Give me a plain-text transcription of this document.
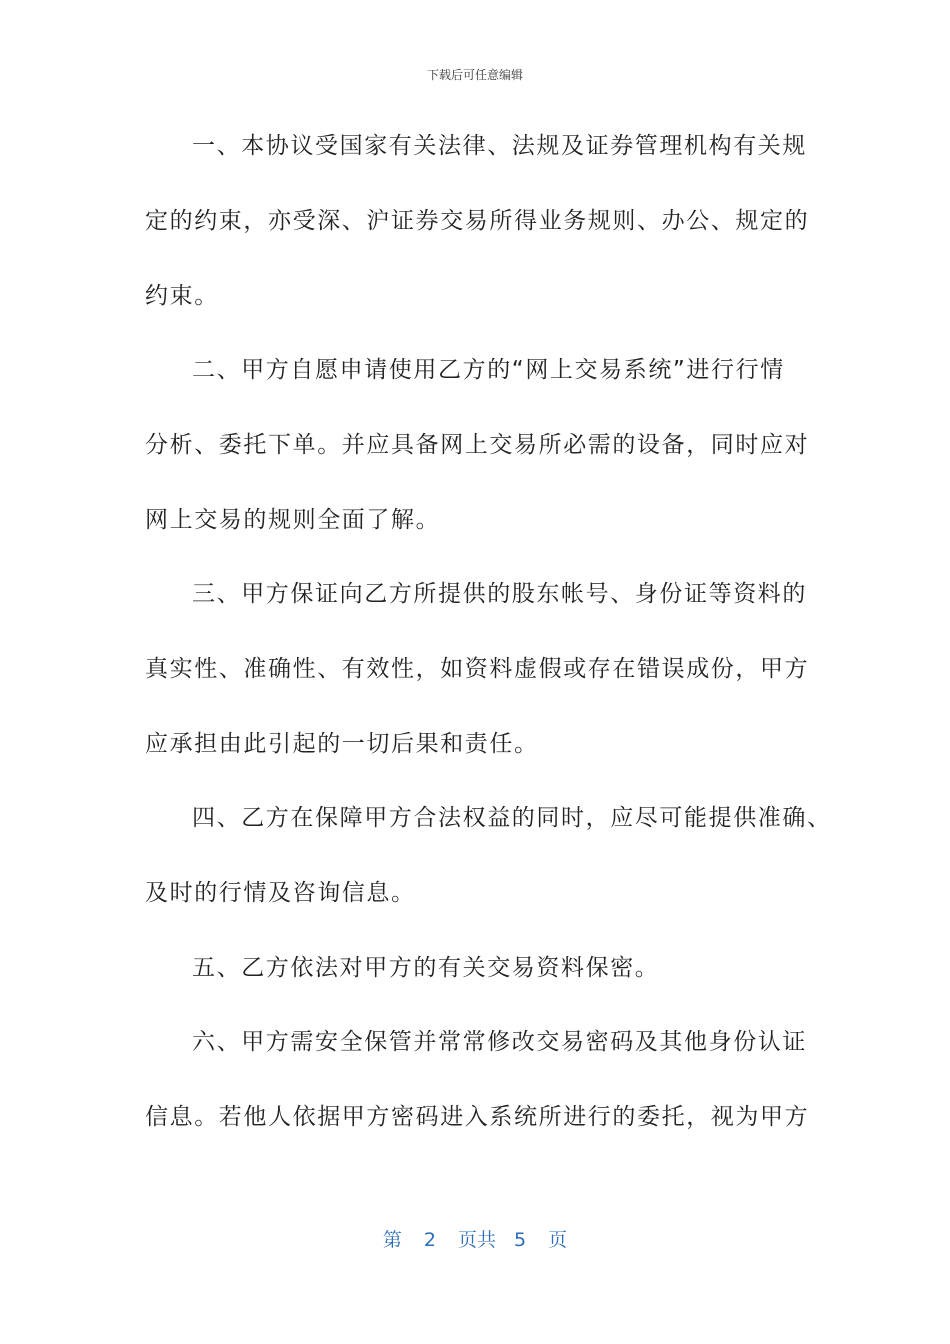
下载后可任意编辑
一、本协议受国家有关法律、法规及证券管理机构有关规
定的约束，亦受深、沪证券交易所得业务规则、办公、规定的
约束。
二、甲方自愿申请使用乙方的“网上交易系统”进行行情
分析、委托下单。并应具备网上交易所必需的设备，同时应对
网上交易的规则全面了解。
三、甲方保证向乙方所提供的股东帐号、身份证等资料的
真实性、准确性、有效性，如资料虚假或存在错误成份，甲方
应承担由此引起的一切后果和责任。
四、乙方在保障甲方合法权益的同时，应尽可能提供准确、
及时的行情及咨询信息。
五、乙方依法对甲方的有关交易资料保密。
六、甲方需安全保管并常常修改交易密码及其他身份认证
信息。若他人依据甲方密码进入系统所进行的委托，视为甲方
第 2 页共 5 页
